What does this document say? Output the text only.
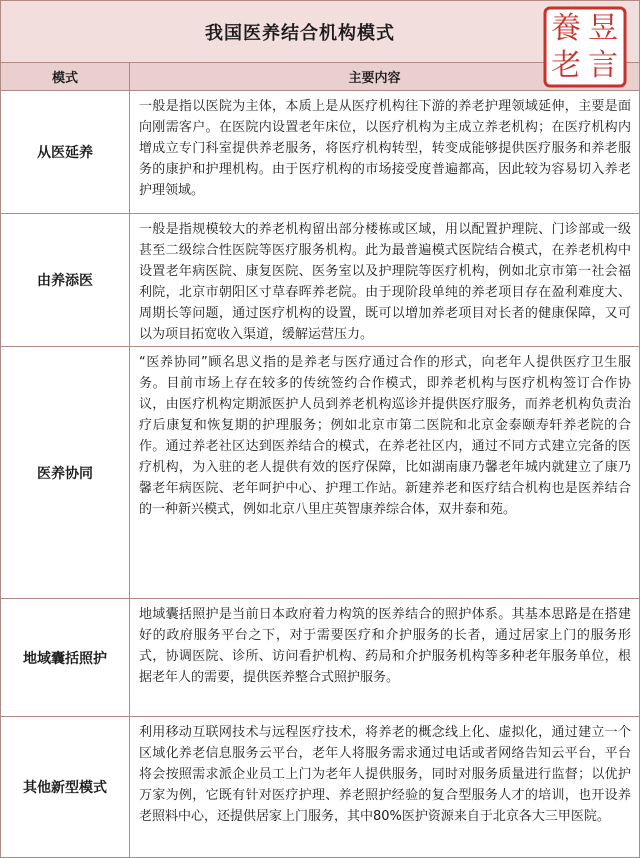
我国医养结合机构模式	昱
言
養
老
模式	主要内容
从医延养
一般是指以医院为主体，本质上是从医疗机构往下游的养老护理领域延伸，主要是面向刚需客户。在医院内设置老年床位，以医疗机构为主成立养老机构；在医疗机构内增成立专门科室提供养老服务，将医疗机构转型，转变成能够提供医疗服务和养老服务的康护和护理机构。由于医疗机构的市场接受度普遍都高，因此较为容易切入养老护理领域。
由养添医
一般是指规模较大的养老机构留出部分楼栋或区域，用以配置护理院、门诊部或一级甚至二级综合性医院等医疗服务机构。此为最普遍模式医院结合模式，在养老机构中设置老年病医院、康复医院、医务室以及护理院等医疗机构，例如北京市第一社会福利院，北京市朝阳区寸草春晖养老院。由于现阶段单纯的养老项目存在盈利难度大、周期长等问题，通过医疗机构的设置，既可以增加养老项目对长者的健康保障，又可以为项目拓宽收入渠道，缓解运营压力。
医养协同
“医养协同”顾名思义指的是养老与医疗通过合作的形式，向老年人提供医疗卫生服务。目前市场上存在较多的传统签约合作模式，即养老机构与医疗机构签订合作协议，由医疗机构定期派医护人员到养老机构巡诊并提供医疗服务，而养老机构负责治疗后康复和恢复期的护理服务；例如北京市第二医院和北京金泰颐寿轩养老院的合作。通过养老社区达到医养结合的模式，在养老社区内，通过不同方式建立完备的医疗机构，为入驻的老人提供有效的医疗保障，比如湖南康乃馨老年城内就建立了康乃馨老年病医院、老年呵护中心、护理工作站。新建养老和医疗结合机构也是医养结合的一种新兴模式，例如北京八里庄英智康养综合体，双井泰和苑。
地域囊括照护
地域囊括照护是当前日本政府着力构筑的医养结合的照护体系。其基本思路是在搭建好的政府服务平台之下，对于需要医疗和介护服务的长者，通过居家上门的服务形式，协调医院、诊所、访问看护机构、药局和介护服务机构等多种老年服务单位，根据老年人的需要，提供医养整合式照护服务。
其他新型模式
利用移动互联网技术与远程医疗技术，将养老的概念线上化、虚拟化，通过建立一个区域化养老信息服务云平台，老年人将服务需求通过电话或者网络告知云平台，平台将会按照需求派企业员工上门为老年人提供服务，同时对服务质量进行监督；以优护万家为例，它既有针对医疗护理、养老照护经验的复合型服务人才的培训，也开设养老照料中心，还提供居家上门服务，其中80%医护资源来自于北京各大三甲医院。
